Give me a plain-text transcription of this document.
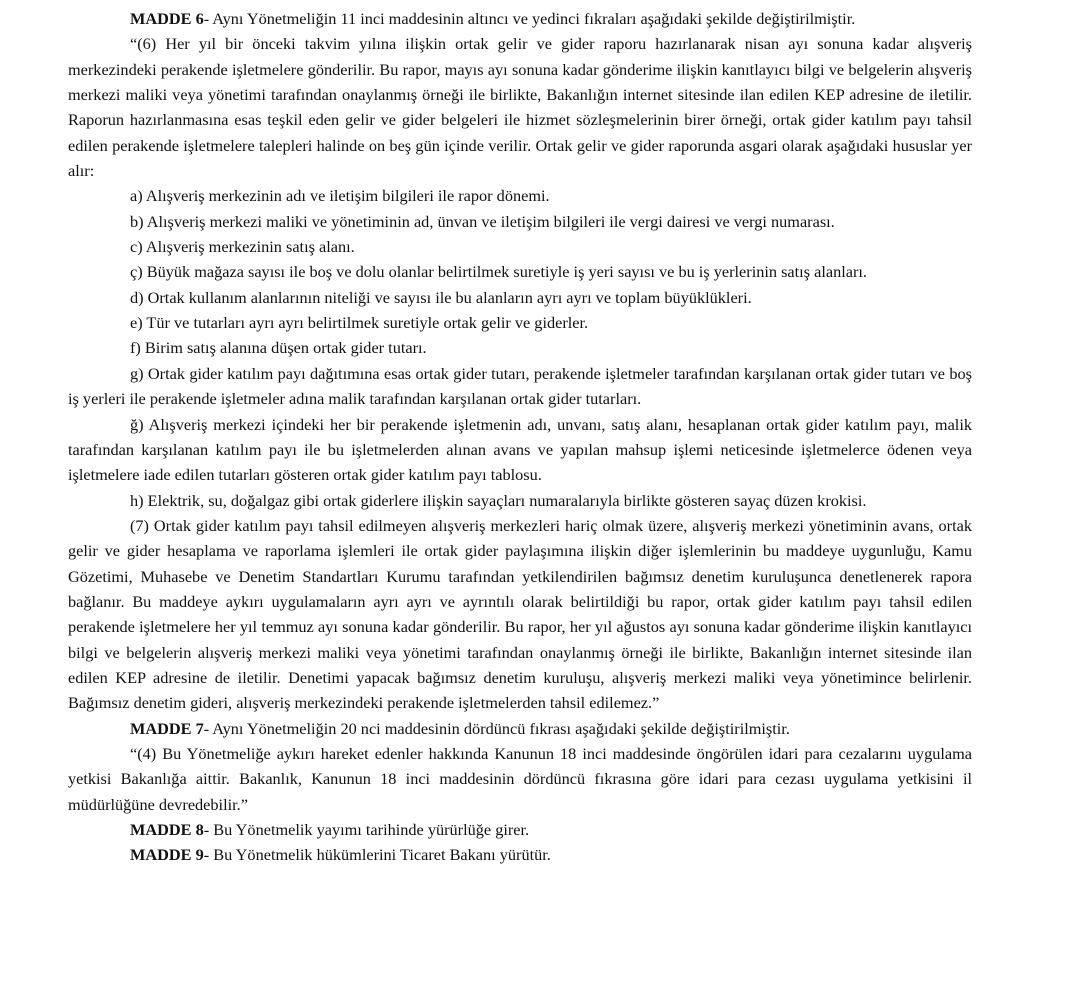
MADDE 6- Aynı Yönetmeliğin 11 inci maddesinin altıncı ve yedinci fıkraları aşağıdaki şekilde değiştirilmiştir.

“(6) Her yıl bir önceki takvim yılına ilişkin ortak gelir ve gider raporu hazırlanarak nisan ayı sonuna kadar alışveriş merkezindeki perakende işletmelere gönderilir. Bu rapor, mayıs ayı sonuna kadar gönderime ilişkin kanıtlayıcı bilgi ve belgelerin alışveriş merkezi maliki veya yönetimi tarafından onaylanmış örneği ile birlikte, Bakanlığın internet sitesinde ilan edilen KEP adresine de iletilir. Raporun hazırlanmasına esas teşkil eden gelir ve gider belgeleri ile hizmet sözleşmelerinin birer örneği, ortak gider katılım payı tahsil edilen perakende işletmelere talepleri halinde on beş gün içinde verilir. Ortak gelir ve gider raporunda asgari olarak aşağıdaki hususlar yer alır:

a) Alışveriş merkezinin adı ve iletişim bilgileri ile rapor dönemi.

b) Alışveriş merkezi maliki ve yönetiminin ad, ünvan ve iletişim bilgileri ile vergi dairesi ve vergi numarası.

c) Alışveriş merkezinin satış alanı.

ç) Büyük mağaza sayısı ile boş ve dolu olanlar belirtilmek suretiyle iş yeri sayısı ve bu iş yerlerinin satış alanları.

d) Ortak kullanım alanlarının niteliği ve sayısı ile bu alanların ayrı ayrı ve toplam büyüklükleri.

e) Tür ve tutarları ayrı ayrı belirtilmek suretiyle ortak gelir ve giderler.

f) Birim satış alanına düşen ortak gider tutarı.

g) Ortak gider katılım payı dağıtımına esas ortak gider tutarı, perakende işletmeler tarafından karşılanan ortak gider tutarı ve boş iş yerleri ile perakende işletmeler adına malik tarafından karşılanan ortak gider tutarları.

ğ) Alışveriş merkezi içindeki her bir perakende işletmenin adı, unvanı, satış alanı, hesaplanan ortak gider katılım payı, malik tarafından karşılanan katılım payı ile bu işletmelerden alınan avans ve yapılan mahsup işlemi neticesinde işletmelerce ödenen veya işletmelere iade edilen tutarları gösteren ortak gider katılım payı tablosu.

h) Elektrik, su, doğalgaz gibi ortak giderlere ilişkin sayaçları numaralarıyla birlikte gösteren sayaç düzen krokisi.

(7) Ortak gider katılım payı tahsil edilmeyen alışveriş merkezleri hariç olmak üzere, alışveriş merkezi yönetiminin avans, ortak gelir ve gider hesaplama ve raporlama işlemleri ile ortak gider paylaşımına ilişkin diğer işlemlerinin bu maddeye uygunluğu, Kamu Gözetimi, Muhasebe ve Denetim Standartları Kurumu tarafından yetkilendirilen bağımsız denetim kuruluşunca denetlenerek rapora bağlanır. Bu maddeye aykırı uygulamaların ayrı ayrı ve ayrıntılı olarak belirtildiği bu rapor, ortak gider katılım payı tahsil edilen perakende işletmelere her yıl temmuz ayı sonuna kadar gönderilir. Bu rapor, her yıl ağustos ayı sonuna kadar gönderime ilişkin kanıtlayıcı bilgi ve belgelerin alışveriş merkezi maliki veya yönetimi tarafından onaylanmış örneği ile birlikte, Bakanlığın internet sitesinde ilan edilen KEP adresine de iletilir. Denetimi yapacak bağımsız denetim kuruluşu, alışveriş merkezi maliki veya yönetimince belirlenir. Bağımsız denetim gideri, alışveriş merkezindeki perakende işletmelerden tahsil edilemez.”

MADDE 7- Aynı Yönetmeliğin 20 nci maddesinin dördüncü fıkrası aşağıdaki şekilde değiştirilmiştir.

“(4) Bu Yönetmeliğe aykırı hareket edenler hakkında Kanunun 18 inci maddesinde öngörülen idari para cezalarını uygulama yetkisi Bakanlığa aittir. Bakanlık, Kanunun 18 inci maddesinin dördüncü fıkrasına göre idari para cezası uygulama yetkisini il müdürlüğüne devredebilir.”

MADDE 8- Bu Yönetmelik yayımı tarihinde yürürlüğe girer.

MADDE 9- Bu Yönetmelik hükümlerini Ticaret Bakanı yürütür.
